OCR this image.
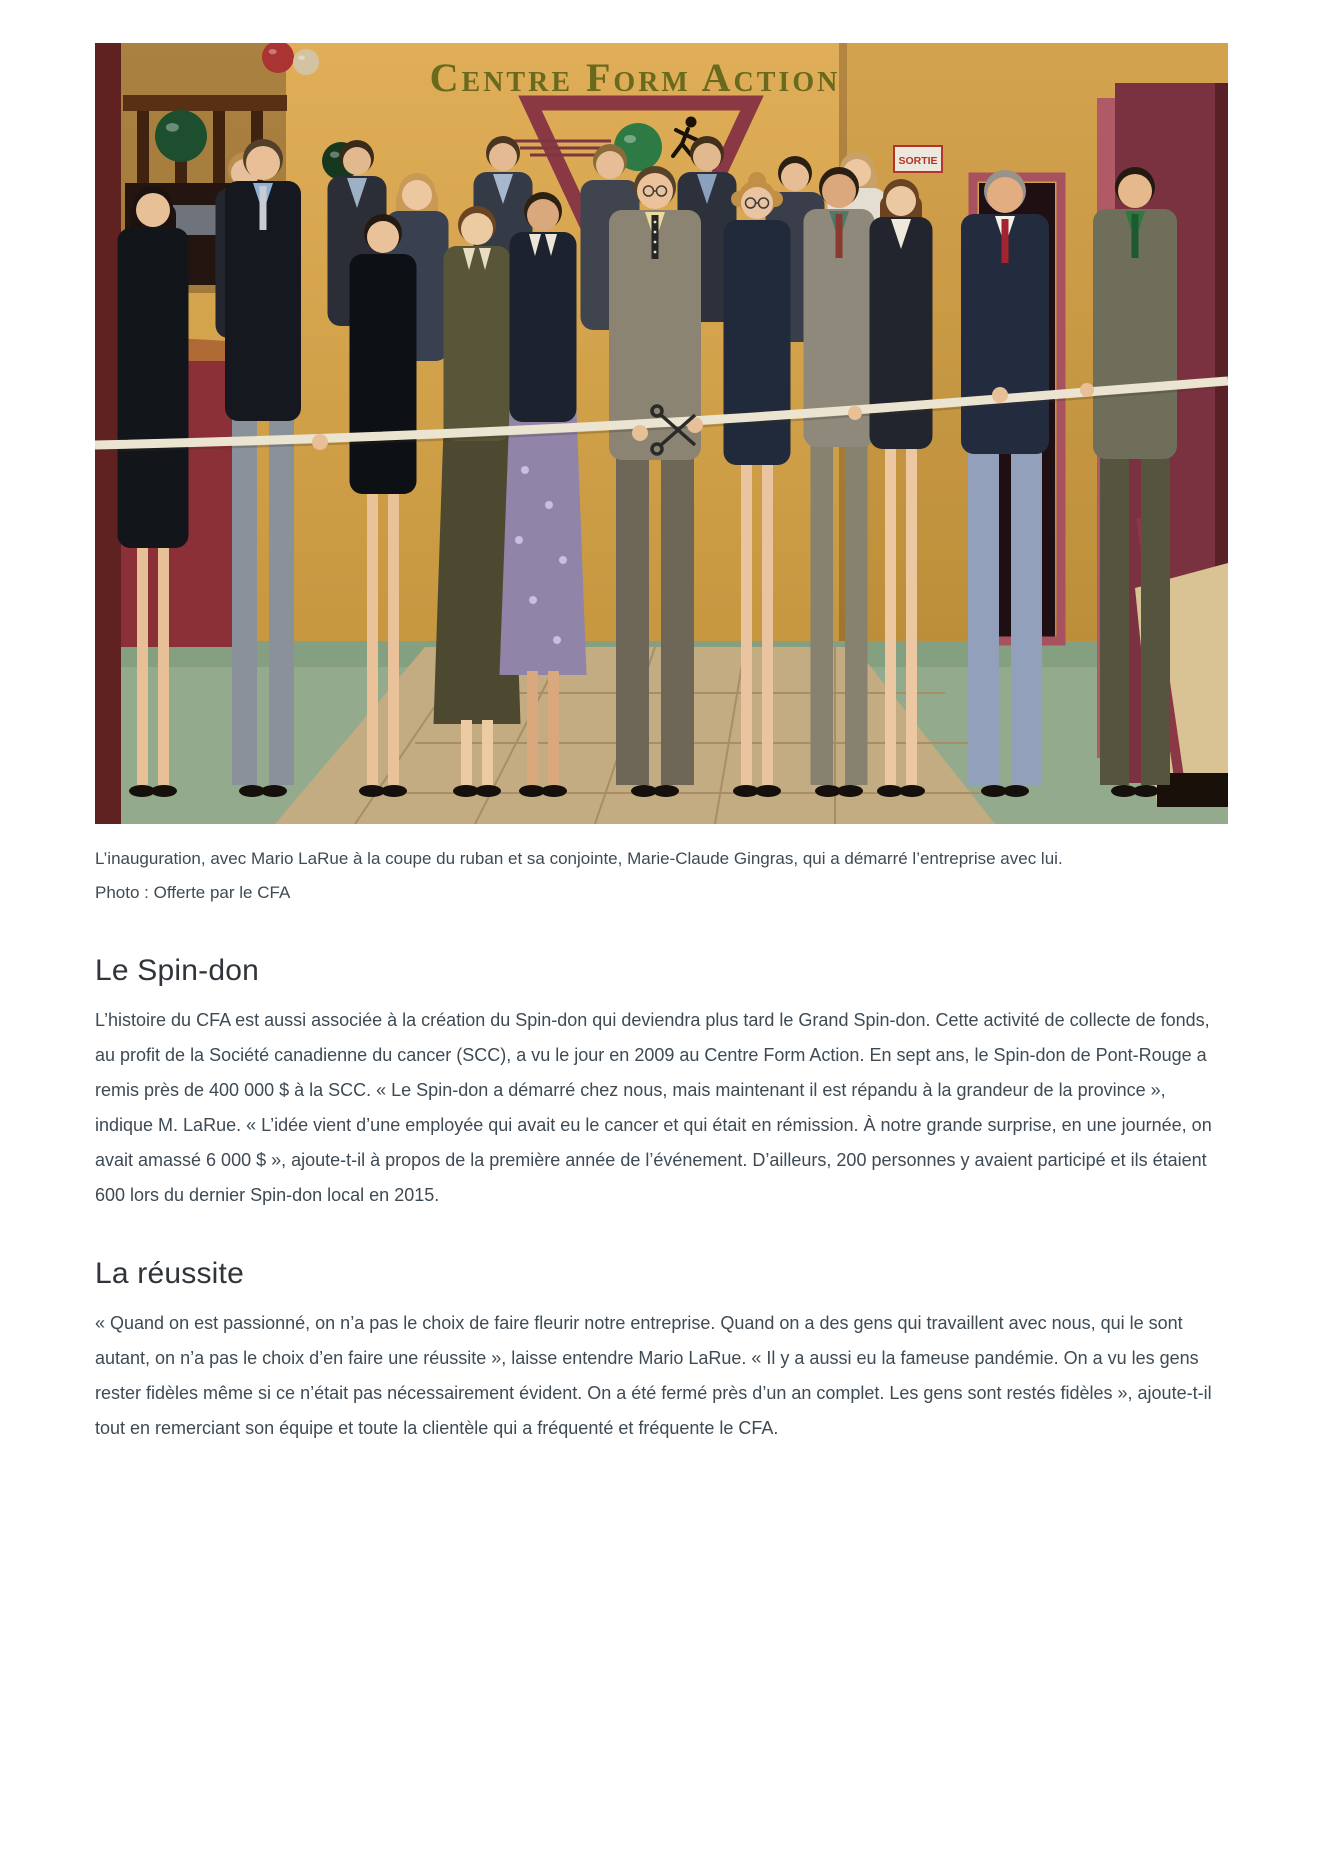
Centre Form Action
SORTIE
L’inauguration, avec Mario LaRue à la coupe du ruban et sa conjointe, Marie-Claude Gingras, qui a démarré l’entreprise avec lui.
Photo : Offerte par le CFA
Le Spin-don

L’histoire du CFA est aussi associée à la création du Spin-don qui deviendra plus tard le Grand Spin-don. Cette activité de collecte de fonds, au profit de la Société canadienne du cancer (SCC), a vu le jour en 2009 au Centre Form Action. En sept ans, le Spin-don de Pont-Rouge a remis près de 400 000 $ à la SCC. « Le Spin-don a démarré chez nous, mais maintenant il est répandu à la grandeur de la province », indique M. LaRue. « L’idée vient d’une employée qui avait eu le cancer et qui était en rémission. À notre grande surprise, en une journée, on avait amassé 6 000 $ », ajoute-t-il à propos de la première année de l’événement. D’ailleurs, 200 personnes y avaient participé et ils étaient 600 lors du dernier Spin-don local en 2015.

La réussite

« Quand on est passionné, on n’a pas le choix de faire fleurir notre entreprise. Quand on a des gens qui travaillent avec nous, qui le sont autant, on n’a pas le choix d’en faire une réussite », laisse entendre Mario LaRue. « Il y a aussi eu la fameuse pandémie. On a vu les gens rester fidèles même si ce n’était pas nécessairement évident. On a été fermé près d’un an complet. Les gens sont restés fidèles », ajoute-t-il tout en remerciant son équipe et toute la clientèle qui a fréquenté et fréquente le CFA.
